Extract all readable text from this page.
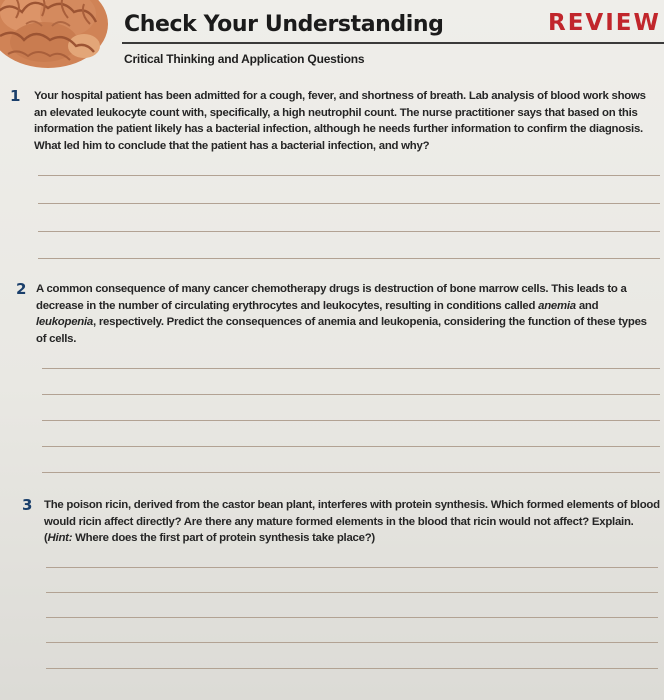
Check Your Understanding	REVIEW
Critical Thinking and Application Questions
1 Your hospital patient has been admitted for a cough, fever, and shortness of breath. Lab analysis of blood work shows an elevated leukocyte count with, specifically, a high neutrophil count. The nurse practitioner says that based on this information the patient likely has a bacterial infection, although he needs further information to confirm the diagnosis. What led him to conclude that the patient has a bacterial infection, and why?

2 A common consequence of many cancer chemotherapy drugs is destruction of bone marrow cells. This leads to a decrease in the number of circulating erythrocytes and leukocytes, resulting in conditions called anemia and leukopenia, respectively. Predict the consequences of anemia and leukopenia, considering the function of these types of cells.

3 The poison ricin, derived from the castor bean plant, interferes with protein synthesis. Which formed elements of blood would ricin affect directly? Are there any mature formed elements in the blood that ricin would not affect? Explain. (Hint: Where does the first part of protein synthesis take place?)
